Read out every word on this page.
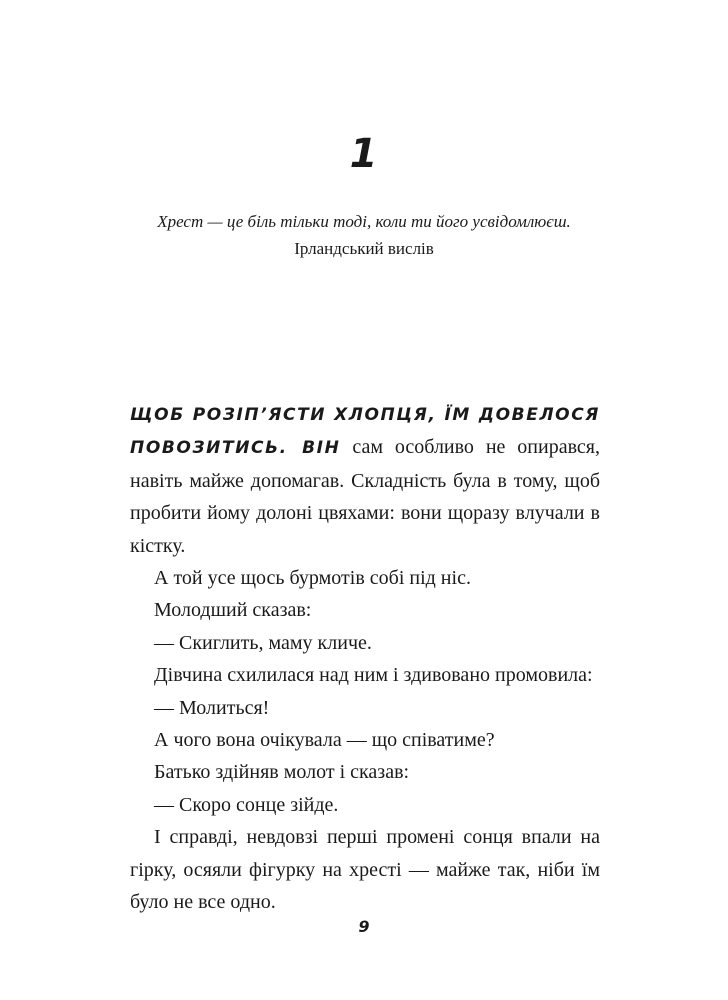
1
Хрест — це біль тільки тоді, коли ти його усвідомлюєш.
Ірландський вислів

ЩОБ РОЗІП’ЯСТИ ХЛОПЦЯ, ЇМ ДОВЕЛОСЯ ПОВОЗИТИСЬ. ВІН сам особливо не опирався, навіть майже допомагав. Складність була в тому, щоб пробити йому долоні цвяхами: вони щоразу влучали в кістку.

А той усе щось бурмотів собі під ніс.

Молодший сказав:

— Скиглить, маму кличе.

Дівчина схилилася над ним і здивовано промовила:

— Молиться!

А чого вона очікувала — що співатиме?

Батько здійняв молот і сказав:

— Скоро сонце зійде.

І справді, невдовзі перші промені сонця впали на гірку, осяяли фігурку на хресті — майже так, ніби їм було не все одно.

9
